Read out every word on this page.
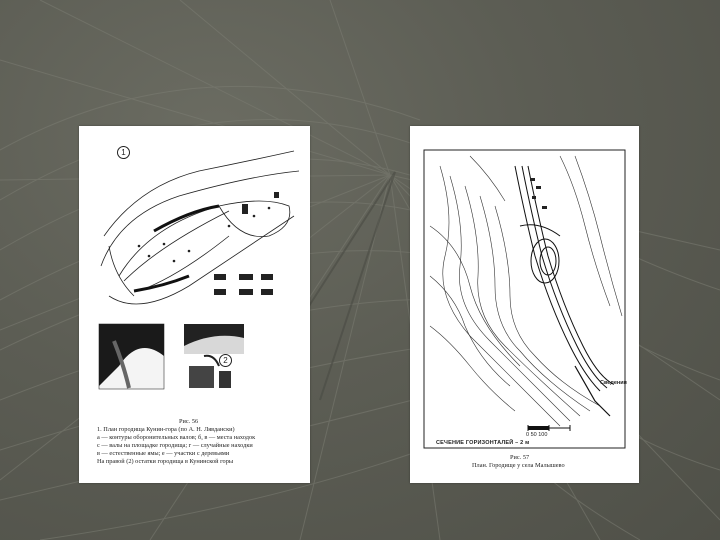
1
2
Рис. 56
1. План городища Кунин-гора (по А. Н. Лявдански)
а — контуры оборонительных валов; б, в — места находок
с — валы на площадке городища; г — случайные находки
в — естественные ямы; е — участки с деревьями
На правой (2) остатки городища в Кунинской горы
Сведения
0 50 100
СЕЧЕНИЕ ГОРИЗОНТАЛЕЙ – 2 м
Рис. 57
План. Городище у села Малышево
